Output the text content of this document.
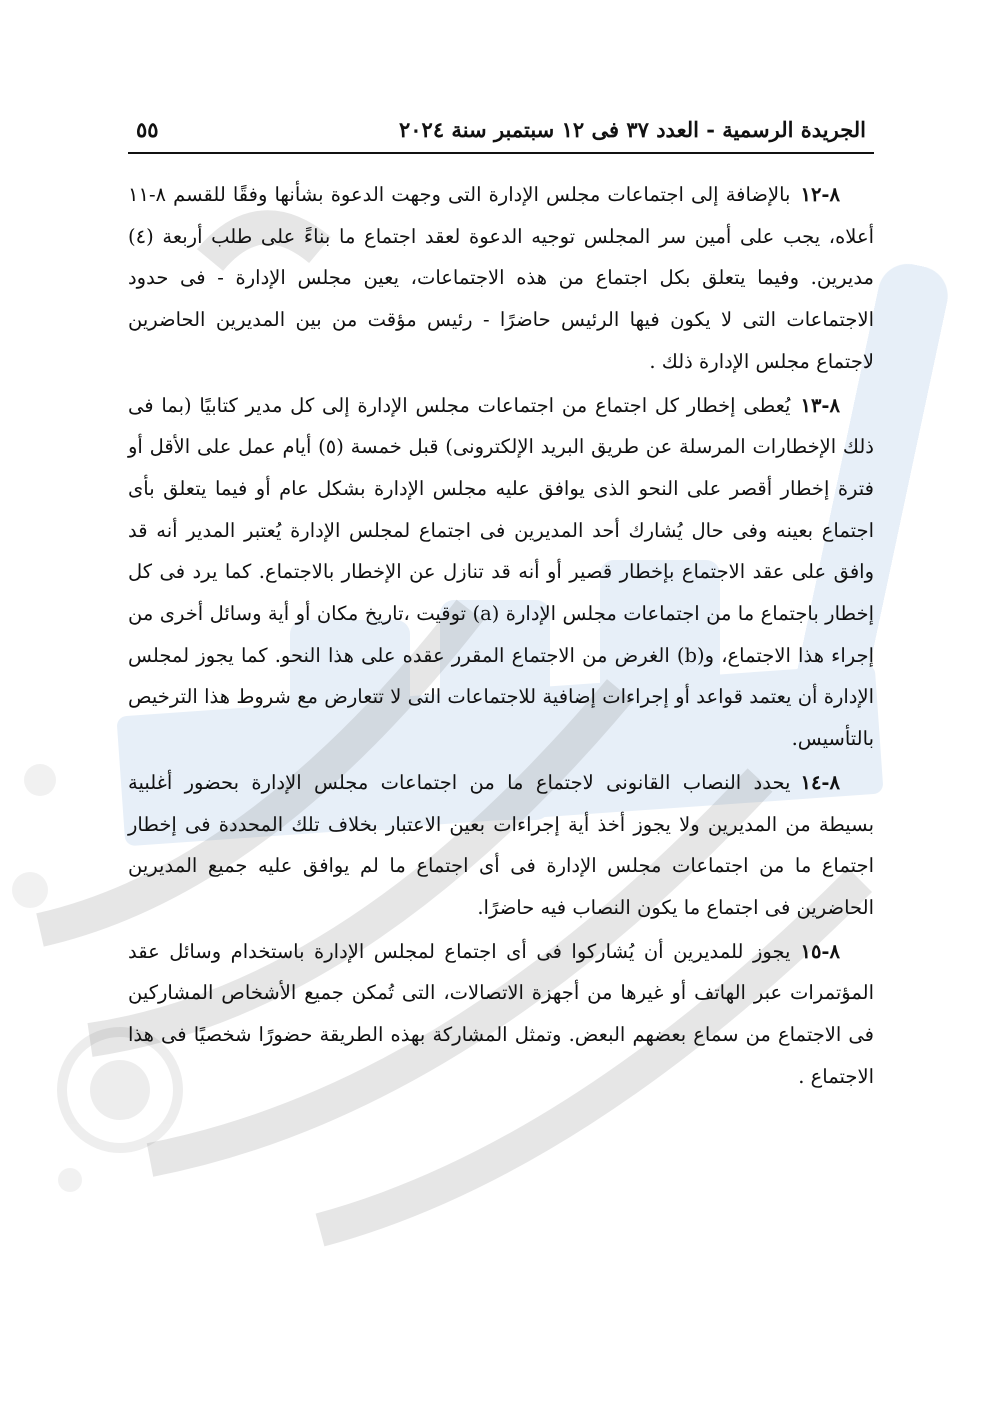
الجريدة الرسمية - العدد ٣٧ فى ١٢ سبتمبر سنة ٢٠٢٤
٥٥

٨-١٢بالإضافة إلى اجتماعات مجلس الإدارة التى وجهت الدعوة بشأنها وفقًا للقسم ٨-١١ أعلاه، يجب على أمين سر المجلس توجيه الدعوة لعقد اجتماع ما بناءً على طلب أربعة (٤) مديرين. وفيما يتعلق بكل اجتماع من هذه الاجتماعات، يعين مجلس الإدارة - فى حدود الاجتماعات التى لا يكون فيها الرئيس حاضرًا - رئيس مؤقت من بين المديرين الحاضرين لاجتماع مجلس الإدارة ذلك .

٨-١٣يُعطى إخطار كل اجتماع من اجتماعات مجلس الإدارة إلى كل مدير كتابيًا (بما فى ذلك الإخطارات المرسلة عن طريق البريد الإلكترونى) قبل خمسة (٥) أيام عمل على الأقل أو فترة إخطار أقصر على النحو الذى يوافق عليه مجلس الإدارة بشكل عام أو فيما يتعلق بأى اجتماع بعينه وفى حال يُشارك أحد المديرين فى اجتماع لمجلس الإدارة يُعتبر المدير أنه قد وافق على عقد الاجتماع بإخطار قصير أو أنه قد تنازل عن الإخطار بالاجتماع. كما يرد فى كل إخطار باجتماع ما من اجتماعات مجلس الإدارة (a) توقيت ،تاريخ مكان أو أية وسائل أخرى من إجراء هذا الاجتماع، و(b) الغرض من الاجتماع المقرر عقده على هذا النحو. كما يجوز لمجلس الإدارة أن يعتمد قواعد أو إجراءات إضافية للاجتماعات التى لا تتعارض مع شروط هذا الترخيص بالتأسيس.

٨-١٤يحدد النصاب القانونى لاجتماع ما من اجتماعات مجلس الإدارة بحضور أغلبية بسيطة من المديرين ولا يجوز أخذ أية إجراءات بعين الاعتبار بخلاف تلك المحددة فى إخطار اجتماع ما من اجتماعات مجلس الإدارة فى أى اجتماع ما لم يوافق عليه جميع المديرين الحاضرين فى اجتماع ما يكون النصاب فيه حاضرًا.

٨-١٥يجوز للمديرين أن يُشاركوا فى أى اجتماع لمجلس الإدارة باستخدام وسائل عقد المؤتمرات عبر الهاتف أو غيرها من أجهزة الاتصالات، التى تُمكن جميع الأشخاص المشاركين فى الاجتماع من سماع بعضهم البعض. وتمثل المشاركة بهذه الطريقة حضورًا شخصيًا فى هذا الاجتماع .
